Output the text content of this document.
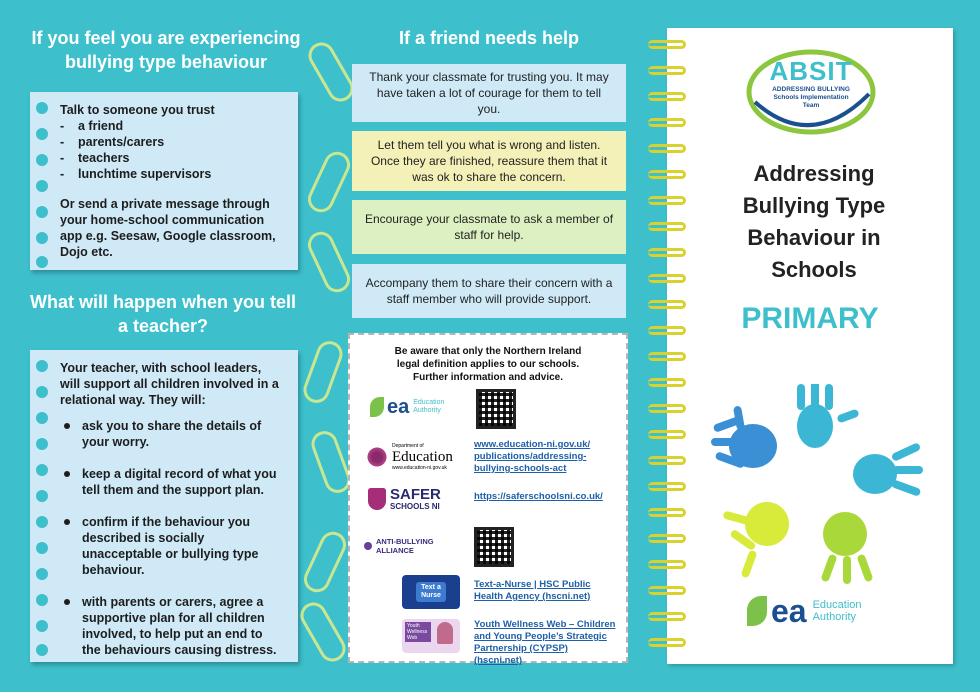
If you feel you are experiencing bullying type behaviour
Talk to someone you trust
- a friend
- parents/carers
- teachers
- lunchtime supervisors
Or send a private message through your home-school communication app e.g. Seesaw, Google classroom, Dojo etc.
What will happen when you tell a teacher?
Your teacher, with school leaders, will support all children involved in a relational way. They will:
ask you to share the details of your worry.
keep a digital record of what you tell them and the support plan.
confirm if the behaviour you described is socially unacceptable or bullying type behaviour.
with parents or carers, agree a supportive plan for all children involved, to help put an end to the behaviours causing distress.
If a friend needs help
Thank your classmate for trusting you. It may have taken a lot of courage for them to tell you.
Let them tell you what is wrong and listen. Once they are finished, reassure them that it was ok to share the concern.
Encourage your classmate to ask a member of staff for help.
Accompany them to share their concern with a staff member who will provide support.
Be aware that only the Northern Ireland legal definition applies to our schools. Further information and advice.
ea Education Authority
Department of
Education
www.education-ni.gov.uk
www.education-ni.gov.uk/ publications/addressing-bullying-schools-act
SAFER
SCHOOLS NI
https://saferschoolsni.co.uk/
ANTI-BULLYING ALLIANCE
Text a Nurse
Text-a-Nurse | HSC Public Health Agency (hscni.net)
Youth Wellness Web
Youth Wellness Web – Children and Young People’s Strategic Partnership (CYPSP) (hscni.net)
ABSIT
ADDRESSING BULLYING
Schools Implementation
Team
Addressing Bullying Type Behaviour in Schools
PRIMARY
ea Education
Authority
